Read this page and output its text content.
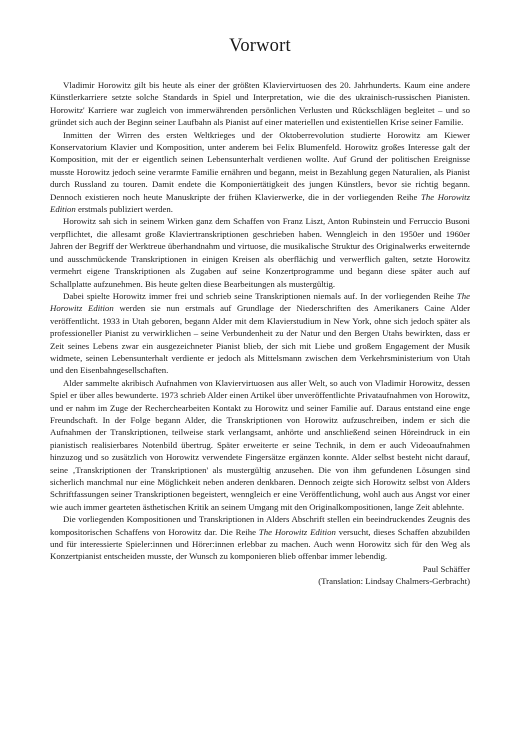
Vorwort

Vladimir Horowitz gilt bis heute als einer der größten Klaviervirtuosen des 20. Jahrhunderts. Kaum eine andere Künstlerkarriere setzte solche Standards in Spiel und Interpretation, wie die des ukrainisch-russischen Pianisten. Horowitz' Karriere war zugleich von immerwährenden persönlichen Verlusten und Rückschlägen begleitet – und so gründet sich auch der Beginn seiner Laufbahn als Pianist auf einer materiellen und existentiellen Krise seiner Familie.

Inmitten der Wirren des ersten Weltkrieges und der Oktoberrevolution studierte Horowitz am Kiewer Konservatorium Klavier und Komposition, unter anderem bei Felix Blumenfeld. Horowitz großes Interesse galt der Komposition, mit der er eigentlich seinen Lebensunterhalt verdienen wollte. Auf Grund der politischen Ereignisse musste Horowitz jedoch seine verarmte Familie ernähren und begann, meist in Bezahlung gegen Naturalien, als Pianist durch Russland zu touren. Damit endete die Komponiertätigkeit des jungen Künstlers, bevor sie richtig begann. Dennoch existieren noch heute Manuskripte der frühen Klavierwerke, die in der vorliegenden Reihe The Horowitz Edition erstmals publiziert werden.

Horowitz sah sich in seinem Wirken ganz dem Schaffen von Franz Liszt, Anton Rubinstein und Ferruccio Busoni verpflichtet, die allesamt große Klaviertranskriptionen geschrieben haben. Wenngleich in den 1950er und 1960er Jahren der Begriff der Werktreue überhandnahm und virtuose, die musikalische Struktur des Originalwerks erweiternde und ausschmückende Transkriptionen in einigen Kreisen als oberflächig und verwerflich galten, setzte Horowitz vermehrt eigene Transkriptionen als Zugaben auf seine Konzertprogramme und begann diese später auch auf Schallplatte aufzunehmen. Bis heute gelten diese Bearbeitungen als mustergültig.

Dabei spielte Horowitz immer frei und schrieb seine Transkriptionen niemals auf. In der vorliegenden Reihe The Horowitz Edition werden sie nun erstmals auf Grundlage der Niederschriften des Amerikaners Caine Alder veröffentlicht. 1933 in Utah geboren, begann Alder mit dem Klavierstudium in New York, ohne sich jedoch später als professioneller Pianist zu verwirklichen – seine Verbundenheit zu der Natur und den Bergen Utahs bewirkten, dass er Zeit seines Lebens zwar ein ausgezeichneter Pianist blieb, der sich mit Liebe und großem Engagement der Musik widmete, seinen Lebensunterhalt verdiente er jedoch als Mittelsmann zwischen dem Verkehrsministerium von Utah und den Eisenbahngesellschaften.

Alder sammelte akribisch Aufnahmen von Klaviervirtuosen aus aller Welt, so auch von Vladimir Horowitz, dessen Spiel er über alles bewunderte. 1973 schrieb Alder einen Artikel über unveröffentlichte Privataufnahmen von Horowitz, und er nahm im Zuge der Recherchearbeiten Kontakt zu Horowitz und seiner Familie auf. Daraus entstand eine enge Freundschaft. In der Folge begann Alder, die Transkriptionen von Horowitz aufzuschreiben, indem er sich die Aufnahmen der Transkriptionen, teilweise stark verlangsamt, anhörte und anschließend seinen Höreindruck in ein pianistisch realisierbares Notenbild übertrug. Später erweiterte er seine Technik, in dem er auch Videoaufnahmen hinzuzog und so zusätzlich von Horowitz verwendete Fingersätze ergänzen konnte. Alder selbst besteht nicht darauf, seine ‚Transkriptionen der Transkriptionen' als mustergültig anzusehen. Die von ihm gefundenen Lösungen sind sicherlich manchmal nur eine Möglichkeit neben anderen denkbaren. Dennoch zeigte sich Horowitz selbst von Alders Schriftfassungen seiner Transkriptionen begeistert, wenngleich er eine Veröffentlichung, wohl auch aus Angst vor einer wie auch immer gearteten ästhetischen Kritik an seinem Umgang mit den Originalkompositionen, lange Zeit ablehnte.

Die vorliegenden Kompositionen und Transkriptionen in Alders Abschrift stellen ein beeindruckendes Zeugnis des kompositorischen Schaffens von Horowitz dar. Die Reihe The Horowitz Edition versucht, dieses Schaffen abzubilden und für interessierte Spieler:innen und Hörer:innen erlebbar zu machen. Auch wenn Horowitz sich für den Weg als Konzertpianist entscheiden musste, der Wunsch zu komponieren blieb offenbar immer lebendig.

Paul Schäffer
(Translation: Lindsay Chalmers-Gerbracht)
